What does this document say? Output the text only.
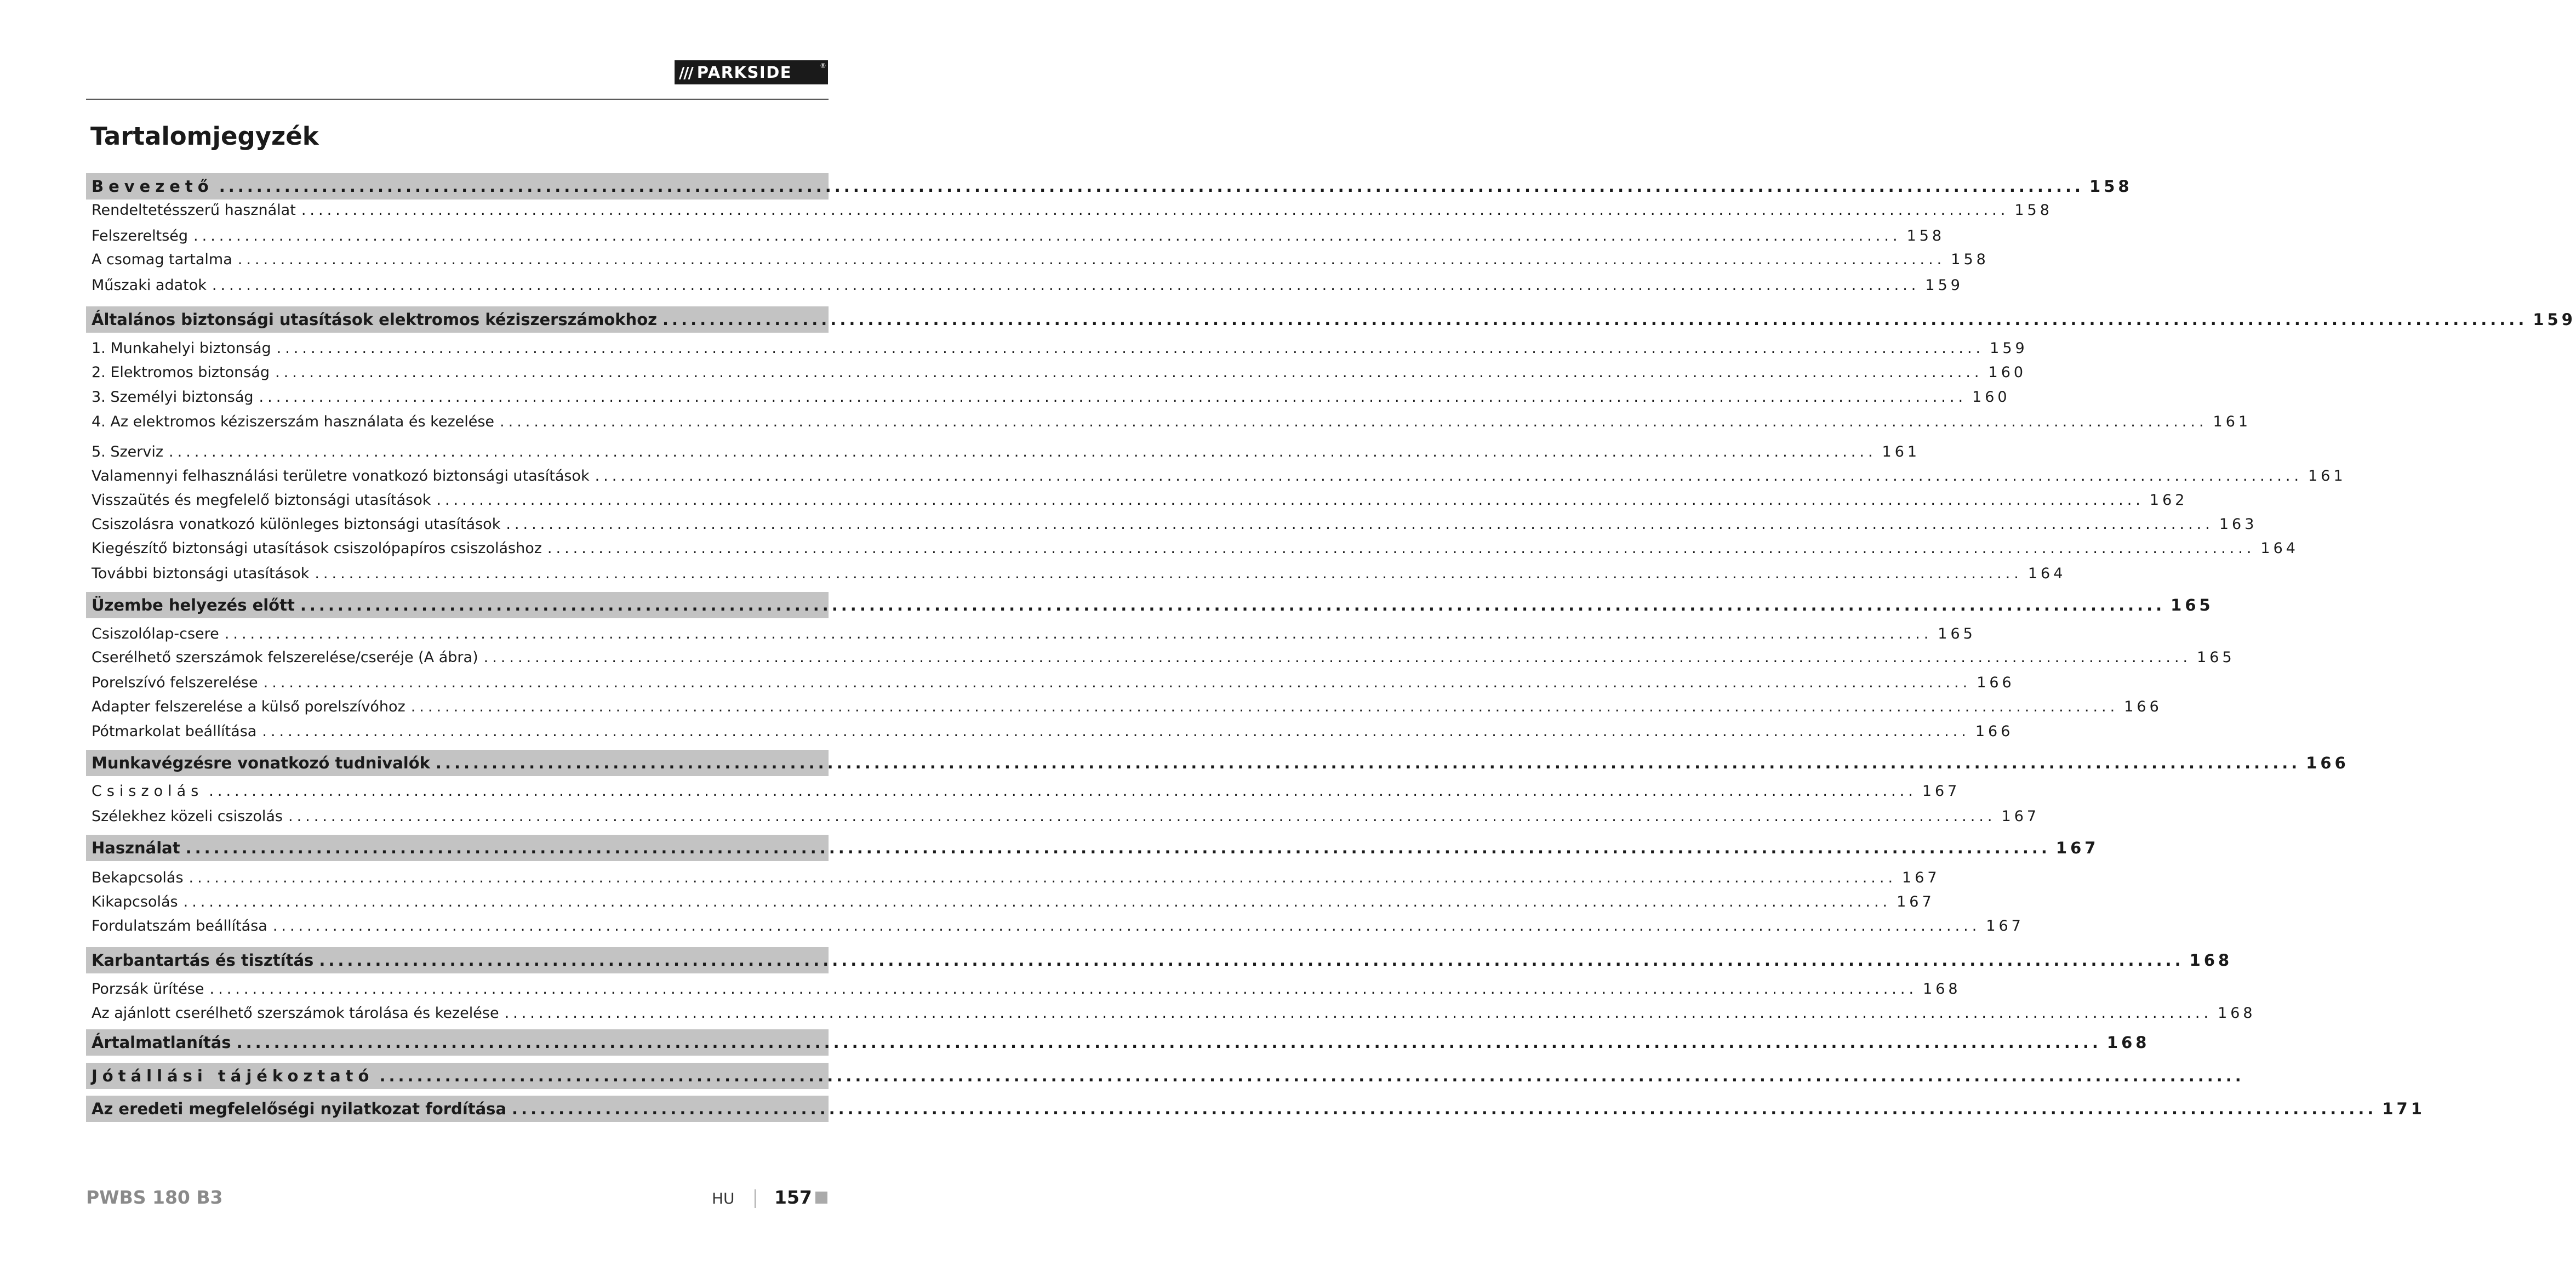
/// PARKSIDE	®
Tartalomjegyzék
Bevezető ........................................................................................................................................................................................................ 158
Rendeltetésszerű használat ........................................................................................................................................................................................................ 158
Felszereltség ........................................................................................................................................................................................................ 158
A csomag tartalma ........................................................................................................................................................................................................ 158
Műszaki adatok ........................................................................................................................................................................................................ 159
Általános biztonsági utasítások elektromos kéziszerszámokhoz ........................................................................................................................................................................................................ 159
1. Munkahelyi biztonság ........................................................................................................................................................................................................ 159
2. Elektromos biztonság ........................................................................................................................................................................................................ 160
3. Személyi biztonság ........................................................................................................................................................................................................ 160
4. Az elektromos kéziszerszám használata és kezelése ........................................................................................................................................................................................................ 161
5. Szerviz ........................................................................................................................................................................................................ 161
Valamennyi felhasználási területre vonatkozó biztonsági utasítások ........................................................................................................................................................................................................ 161
Visszaütés és megfelelő biztonsági utasítások ........................................................................................................................................................................................................ 162
Csiszolásra vonatkozó különleges biztonsági utasítások ........................................................................................................................................................................................................ 163
Kiegészítő biztonsági utasítások csiszolópapíros csiszoláshoz ........................................................................................................................................................................................................ 164
További biztonsági utasítások ........................................................................................................................................................................................................ 164
Üzembe helyezés előtt ........................................................................................................................................................................................................ 165
Csiszolólap-csere ........................................................................................................................................................................................................ 165
Cserélhető szerszámok felszerelése/cseréje (A ábra) ........................................................................................................................................................................................................ 165
Porelszívó felszerelése ........................................................................................................................................................................................................ 166
Adapter felszerelése a külső porelszívóhoz ........................................................................................................................................................................................................ 166
Pótmarkolat beállítása ........................................................................................................................................................................................................ 166
Munkavégzésre vonatkozó tudnivalók ........................................................................................................................................................................................................ 166
Csiszolás ........................................................................................................................................................................................................ 167
Szélekhez közeli csiszolás ........................................................................................................................................................................................................ 167
Használat ........................................................................................................................................................................................................ 167
Bekapcsolás ........................................................................................................................................................................................................ 167
Kikapcsolás ........................................................................................................................................................................................................ 167
Fordulatszám beállítása ........................................................................................................................................................................................................ 167
Karbantartás és tisztítás ........................................................................................................................................................................................................ 168
Porzsák ürítése ........................................................................................................................................................................................................ 168
Az ajánlott cserélhető szerszámok tárolása és kezelése ........................................................................................................................................................................................................ 168
Ártalmatlanítás ........................................................................................................................................................................................................ 168
Jótállási tájékoztató ........................................................................................................................................................................................................
Az eredeti megfelelőségi nyilatkozat fordítása ........................................................................................................................................................................................................ 171
PWBS 180 B3	HU 157
